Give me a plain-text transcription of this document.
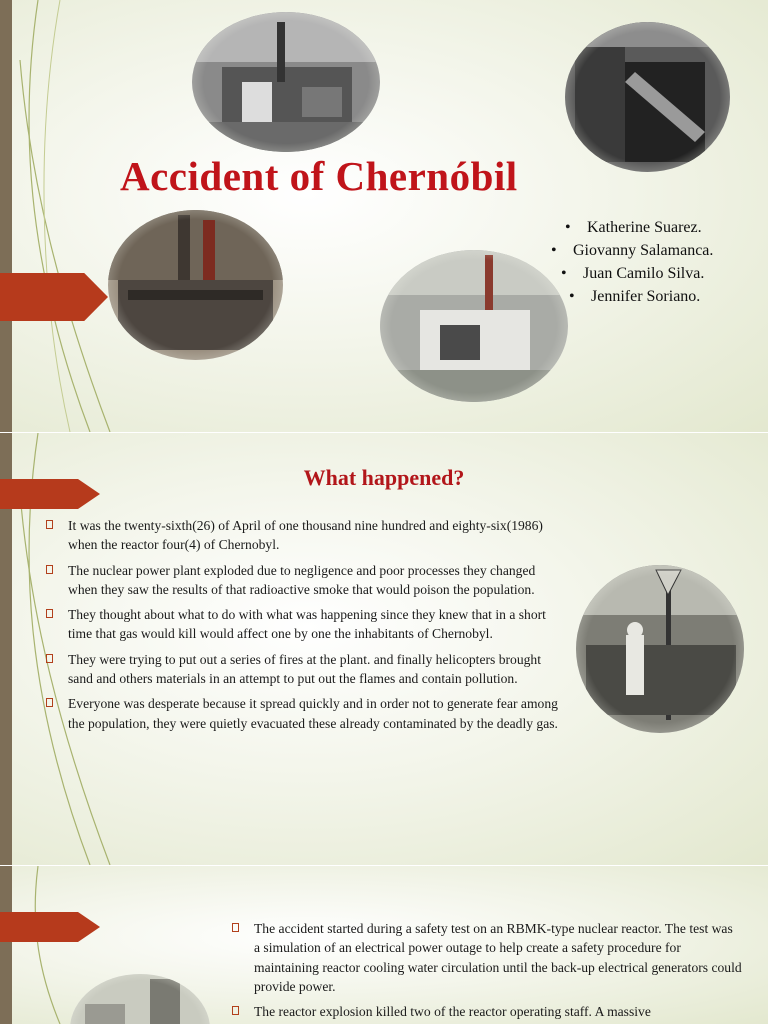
Accident of Chernóbil
Katherine Suarez.
Giovanny Salamanca.
Juan Camilo Silva.
Jennifer Soriano.
What happened?
It was the twenty-sixth(26) of April of one thousand nine hundred and eighty-six(1986) when the reactor four(4) of Chernobyl.
The nuclear power plant exploded due to negligence and poor processes they changed when they saw the results of that radioactive smoke that would poison the population.
They thought about what to do with what was happening since they knew that in a short time that gas would kill would affect one by one the inhabitants of Chernobyl.
They were trying to put out a series of fires at the plant. and finally helicopters brought sand and others materials in an attempt to put out the flames and contain pollution.
Everyone was desperate because it spread quickly and in order not to generate fear among the population, they were quietly evacuated these already contaminated by the deadly gas.
The accident started during a safety test on an RBMK-type nuclear reactor. The test was a simulation of an electrical power outage to help create a safety procedure for maintaining reactor cooling water circulation until the back-up electrical generators could provide power.
The reactor explosion killed two of the reactor operating staff. A massive
